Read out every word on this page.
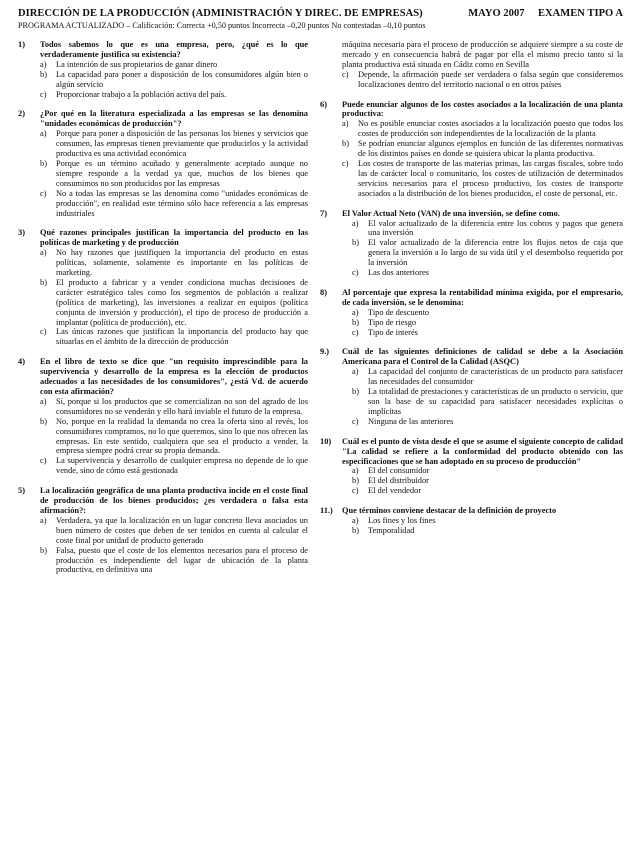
DIRECCIÓN DE LA PRODUCCIÓN (ADMINISTRACIÓN Y DIREC. DE EMPRESAS)	MAYO 2007 EXAMEN TIPO A
PROGRAMA ACTUALIZADO – Calificación: Correcta +0,50 puntos Incorrecta –0,20 puntos No contestadas –0,10 puntos
1)	Todos sabemos lo que es una empresa, pero, ¿qué es lo que verdaderamente justifica su existencia?
a)	La intención de sus propietarios de ganar dinero
b)	La capacidad para poner a disposición de los consumidores algún bien o algún servicio
c)	Proporcionar trabajo a la población activa del país.
2)	¿Por qué en la literatura especializada a las empresas se las denomina "unidades económicas de producción"?
a)	Porque para poner a disposición de las personas los bienes y servicios que consumen, las empresas tienen previamente que producirlos y la actividad productiva es una actividad económica
b)	Porque es un término acuñado y generalmente aceptado aunque no siempre responde a la verdad ya que, muchos de los bienes que consumimos no son producidos por las empresas
c)	No a todas las empresas se las denomina como "unidades económicas de producción", en realidad este término sólo hace referencia a las empresas industriales
3)	Qué razones principales justifican la importancia del producto en las políticas de marketing y de producción
a)	No hay razones que justifiquen la importancia del producto en estas políticas, solamente, solamente es importante en las políticas de marketing.
b)	El producto a fabricar y a vender condiciona muchas decisiones de carácter estratégico tales como los segmentos de población a realizar (política de marketing), las inversiones a realizar en equipos (política conjunta de inversión y producción), el tipo de proceso de producción a implantar (política de producción), etc.
c)	Las únicas razones que justifican la importancia del producto hay que situarlas en el ámbito de la dirección de producción
4)	En el libro de texto se dice que "un requisito imprescindible para la supervivencia y desarrollo de la empresa es la elección de productos adecuados a las necesidades de los consumidores", ¿está Vd. de acuerdo con esta afirmación?
a)	Sí, porque si los productos que se comercializan no son del agrado de los consumidores no se venderán y ello hará inviable el futuro de la empresa.
b)	No, porque en la realidad la demanda no crea la oferta sino al revés, los consumidores compramos, no lo que queremos, sino lo que nos ofrecen las empresas. En este sentido, cualquiera que sea el producto a vender, la empresa siempre podrá crear su propia demanda.
c)	La supervivencia y desarrollo de cualquier empresa no depende de lo que vende, sino de cómo está gestionada
5)	La localización geográfica de una planta productiva incide en el coste final de producción de los bienes producidos; ¿es verdadera o falsa esta afirmación?:
a)	Verdadera, ya que la localización en un lugar concreto lleva asociados un buen número de costes que deben de ser tenidos en cuenta al calcular el coste final por unidad de producto generado
b)	Falsa, puesto que el coste de los elementos necesarios para el proceso de producción es independiente del lugar de ubicación de la planta productiva, en definitiva una
máquina necesaria para el proceso de producción se adquiere siempre a su coste de mercado y en consecuencia habrá de pagar por ella el mismo precio tanto si la planta productiva está situada en Cádiz como en Sevilla
c)	Depende, la afirmación puede ser verdadera o falsa según que consideremos localizaciones dentro del territorio nacional o en otros países
6)	Puede enunciar algunos de los costes asociados a la localización de una planta productiva:
a)	No es posible enunciar costes asociados a la localización puesto que todos los costes de producción son independientes de la localización de la planta
b)	Se podrían enunciar algunos ejemplos en función de las diferentes normativas de los distintos países en donde se quisiera ubicar la planta productiva.
c)	Los costes de transporte de las materias primas, las cargas fiscales, sobre todo las de carácter local o comunitario, los costes de utilización de determinados servicios necesarios para el proceso productivo, los costes de transporte asociados a la distribución de los bienes producidos, el coste de personal, etc.
7)	El Valor Actual Neto (VAN) de una inversión, se define como.
a)	El valor actualizado de la diferencia entre los cobros y pagos que genera una inversión
b)	El valor actualizado de la diferencia entre los flujos netos de caja que genera la inversión a lo largo de su vida útil y el desembolso requerido por la inversión
c)	Las dos anteriores
8)	Al porcentaje que expresa la rentabilidad mínima exigida, por el empresario, de cada inversión, se le denomina:
a)	Tipo de descuento
b)	Tipo de riesgo
c)	Tipo de interés
9.)	Cuál de las siguientes definiciones de calidad se debe a la Asociación Americana para el Control de la Calidad (ASQC)
a)	La capacidad del conjunto de características de un producto para satisfacer las necesidades del consumidor
b)	La totalidad de prestaciones y características de un producto o servicio, que son la base de su capacidad para satisfacer necesidades explícitas o implícitas
c)	Ninguna de las anteriores
10)	Cuál es el punto de vista desde el que se asume el siguiente concepto de calidad "La calidad se refiere a la conformidad del producto obtenido con las especificaciones que se han adoptado en su proceso de producción"
a)	El del consumidor
b)	El del distribuidor
c)	El del vendedor
11.)	Que términos conviene destacar de la definición de proyecto
a)	Los fines y los fines
b)	Temporalidad
